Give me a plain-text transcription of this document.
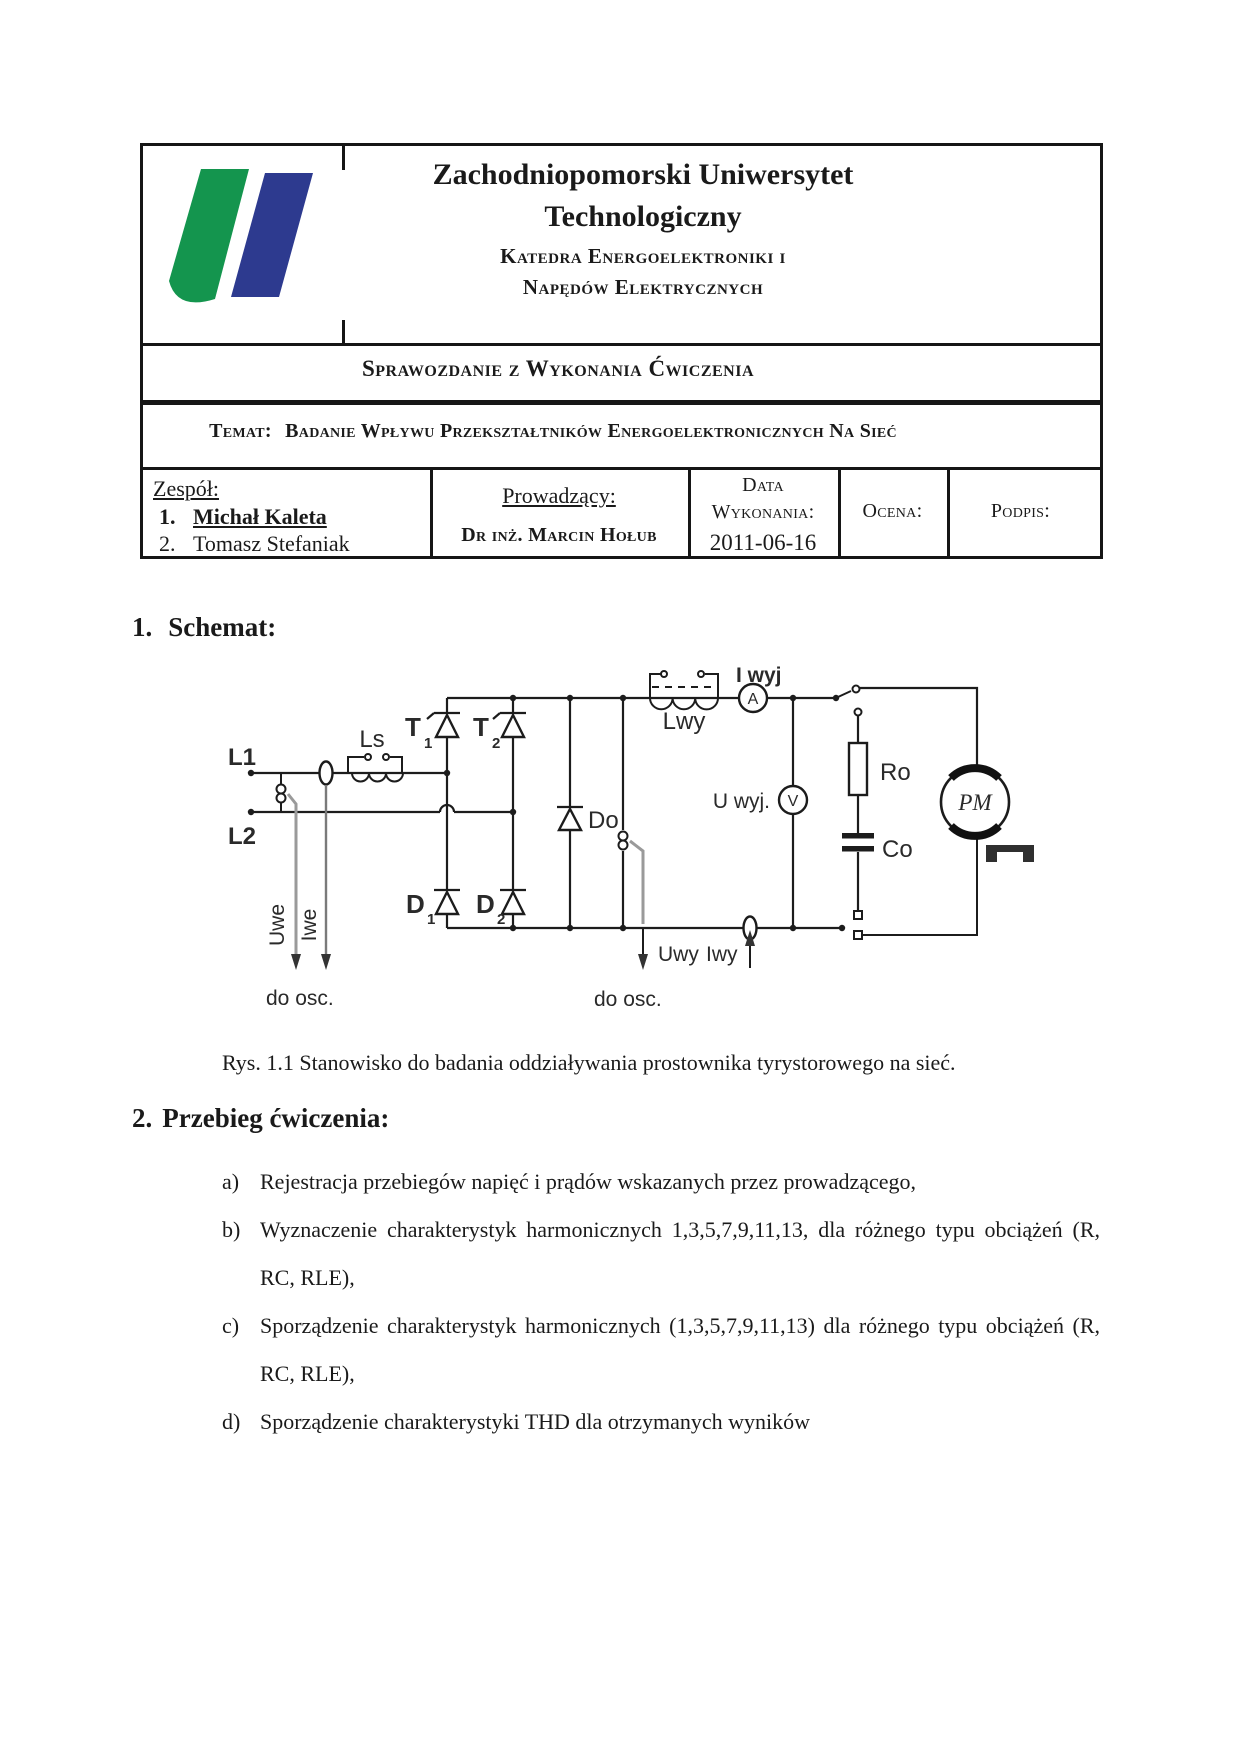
Zachodniopomorski Uniwersytet
Technologiczny
Katedra Energoelektroniki i
Napędów Elektrycznych
Sprawozdanie z Wykonania Ćwiczenia
Temat: Badanie Wpływu Przekształtników Energoelektronicznych Na Sieć
Zespół:
1. Michał Kaleta
2. Tomasz Stefaniak
Prowadzący:
Dr inż. Marcin Hołub
Data
Wykonania:
2011-06-16
Ocena:	Podpis:
1. Schemat:
L1
L2
Ls T
1
T
2
D
1
D
2
Do
Lwy
I wyj
A
U wyj. V
Ro
Co
PM
Uwe Iwe
Uwy Iwy
do osc.	do osc.
Rys. 1.1 Stanowisko do badania oddziaływania prostownika tyrystorowego na sieć.
2. Przebieg ćwiczenia:
a) Rejestracja przebiegów napięć i prądów wskazanych przez prowadzącego,
b) Wyznaczenie charakterystyk harmonicznych 1,3,5,7,9,11,13, dla różnego typu obciążeń (R, RC, RLE),
c) Sporządzenie charakterystyk harmonicznych (1,3,5,7,9,11,13) dla różnego typu obciążeń (R, RC, RLE),
d) Sporządzenie charakterystyki THD dla otrzymanych wyników
